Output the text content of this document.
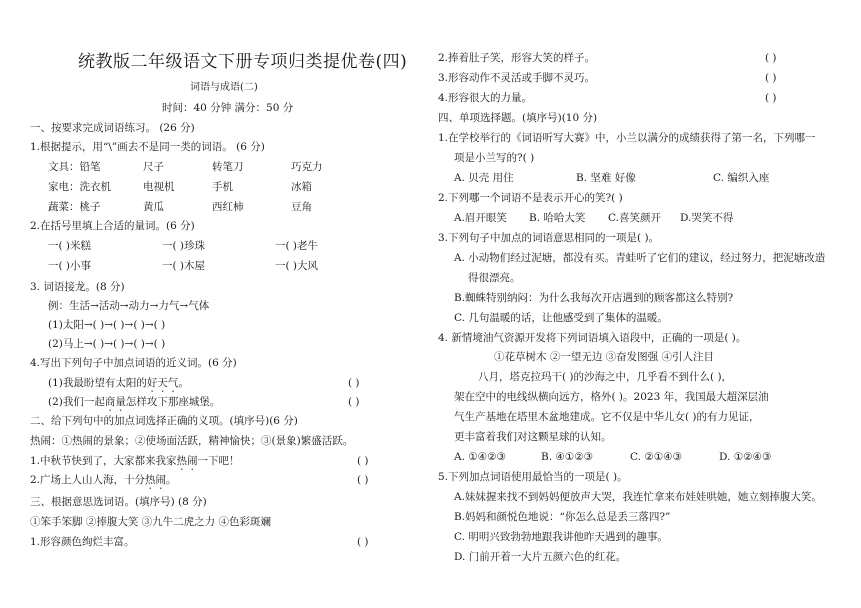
统教版二年级语文下册专项归类提优卷(四)
词语与成语(二)
时间：40 分钟 满分：50 分
一、按要求完成词语练习。 (26 分)
1.根据提示，用“\”画去不是同一类的词语。 (6 分)
文具：铅笔	尺子	转笔刀	巧克力
家电：洗衣机	电视机	手机	冰箱
蔬菜：桃子	黄瓜	西红柿	豆角
2.在括号里填上合适的量词。(6 分)
一( )米糕	一( )珍珠	一( )老牛
一( )小事	一( )木屋	一( )大风
3. 词语接龙。(8 分)
例：生活→活动→动力→力气→气体
(1)太阳→( )→( )→( )→( )
(2)马上→( )→( )→( )→( )
4.写出下列句子中加点词语的近义词。(6 分)
(1)我最盼望有太阳的好天气。	( )
(2)我们一起商量怎样攻下那座城堡。	( )
二、给下列句中的加点词选择正确的义项。(填序号)(6 分)
热闹：①热闹的景象；②使场面活跃，精神愉快；③(景象)繁盛活跃。
1.中秋节快到了，大家都来我家热闹一下吧！	( )
2.广场上人山人海，十分热闹。	( )
三、根据意思选词语。(填序号) (8 分)
①笨手笨脚 ②捧腹大笑 ③九牛二虎之力 ④色彩斑斓
1.形容颜色绚烂丰富。	( )
2.捧着肚子笑，形容大笑的样子。	( )
3.形容动作不灵活或手脚不灵巧。	( )
4.形容很大的力量。	( )
四、单项选择题。(填序号)(10 分)
1.在学校举行的《词语听写大赛》中，小兰以满分的成绩获得了第一名，下列哪一
项是小兰写的?( )
A. 贝壳 用住	B. 坚难 好像	C. 编织入座
2.下列哪一个词语不是表示开心的笑?( )
A.眉开眼笑 B. 哈哈大笑 C.喜笑颜开 D.哭笑不得
3.下列句子中加点的词语意思相同的一项是( )。
A. 小动物们经过泥塘，都没有买。青蛙听了它们的建议，经过努力，把泥塘改造
得很漂亮。
B.蜘蛛特别纳闷：为什么我每次开店遇到的顾客都这么特别?
C. 几句温暖的话，让他感受到了集体的温暖。
4. 新情境油气资源开发将下列词语填入语段中，正确的一项是( )。
①花草树木 ②一望无边 ③奋发图强 ④引人注目
八月，塔克拉玛干( )的沙海之中，几乎看不到什么( )，
架在空中的电线纵横向远方，格外( )。2023 年，我国最大超深层油
气生产基地在塔里木盆地建成。它不仅是中华儿女( )的有力见证，
更丰富着我们对这颗星球的认知。
A. ①④②③	B. ④①②③	C. ②①④③	D. ①②④③
5.下列加点词语使用最恰当的一项是( )。
A.妹妹握来找不到妈妈便放声大哭，我连忙拿来布娃娃哄她，她立刻捧腹大笑。
B.妈妈和颜悦色地说：“你怎么总是丢三落四?”
C. 明明兴致勃勃地跟我讲他昨天遇到的趣事。
D. 门前开着一大片五颜六色的红花。
